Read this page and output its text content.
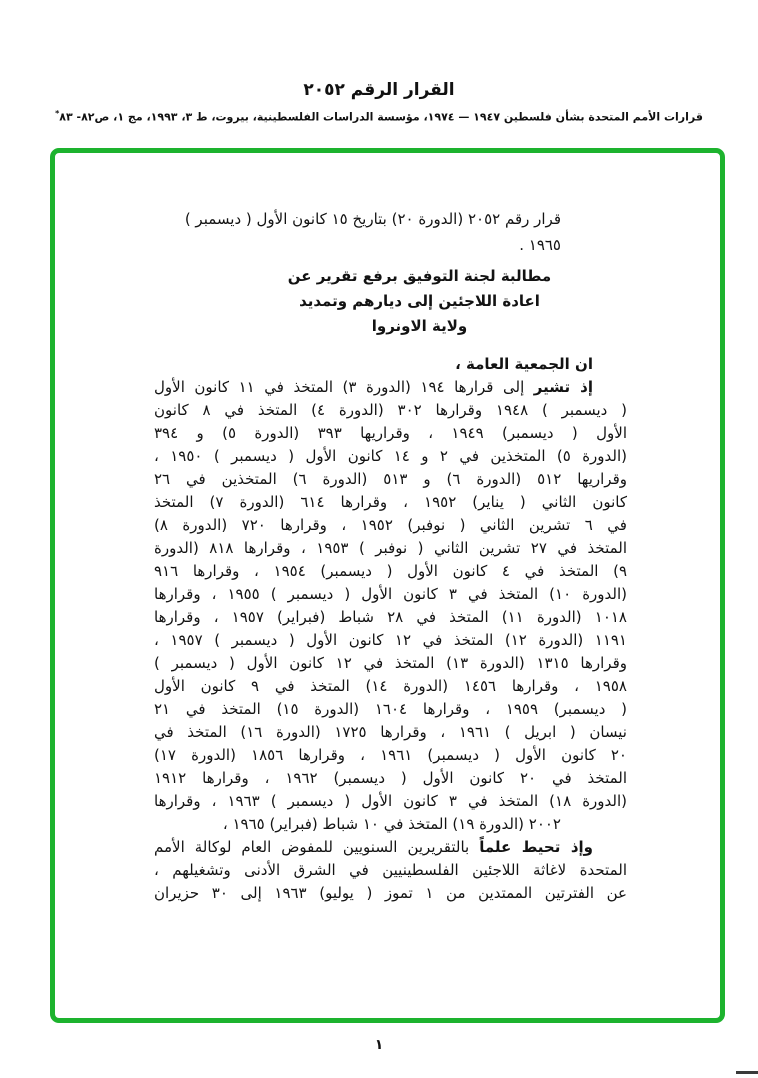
القرار الرقم ٢٠٥٢
قرارات الأمم المتحدة بشأن فلسطين ١٩٤٧ — ١٩٧٤، مؤسسة الدراسات الفلسطينية، بيروت، ط ٣، ١٩٩٣، مج ١، ص٨٢- ٨٣*
قرار رقم ٢٠٥٢ (الدورة ٢٠) بتاريخ ١٥ كانون الأول ( ديسمبر )
١٩٦٥ .
مطالبة لجنة التوفيق برفع تقرير عن
اعادة اللاجئين إلى ديارهم وتمديد
ولاية الاونروا
ان الجمعية العامة ،
إذ تشير إلى قرارها ١٩٤ (الدورة ٣) المتخذ في ١١ كانون الأول
( ديسمبر ) ١٩٤٨ وقرارها ٣٠٢ (الدورة ٤) المتخذ في ٨ كانون
الأول ( ديسمبر) ١٩٤٩ ، وقراريها ٣٩٣ (الدورة ٥) و ٣٩٤
(الدورة ٥) المتخذين في ٢ و ١٤ كانون الأول ( ديسمبر ) ١٩٥٠ ،
وقراريها ٥١٢ (الدورة ٦) و ٥١٣ (الدورة ٦) المتخذين في ٢٦
كانون الثاني ( يناير) ١٩٥٢ ، وقرارها ٦١٤ (الدورة ٧) المتخذ
في ٦ تشرين الثاني ( نوفبر) ١٩٥٢ ، وقرارها ٧٢٠ (الدورة ٨)
المتخذ في ٢٧ تشرين الثاني ( نوفبر ) ١٩٥٣ ، وقرارها ٨١٨ (الدورة
٩) المتخذ في ٤ كانون الأول ( ديسمبر) ١٩٥٤ ، وقرارها ٩١٦
(الدورة ١٠) المتخذ في ٣ كانون الأول ( ديسمبر ) ١٩٥٥ ، وقرارها
١٠١٨ (الدورة ١١) المتخذ في ٢٨ شباط (فبراير) ١٩٥٧ ، وقرارها
١١٩١ (الدورة ١٢) المتخذ في ١٢ كانون الأول ( ديسمبر ) ١٩٥٧ ،
وقرارها ١٣١٥ (الدورة ١٣) المتخذ في ١٢ كانون الأول ( ديسمبر )
١٩٥٨ ، وقرارها ١٤٥٦ (الدورة ١٤) المتخذ في ٩ كانون الأول
( ديسمبر) ١٩٥٩ ، وقرارها ١٦٠٤ (الدورة ١٥) المتخذ في ٢١
نيسان ( ابريل ) ١٩٦١ ، وقرارها ١٧٢٥ (الدورة ١٦) المتخذ في
٢٠ كانون الأول ( ديسمبر) ١٩٦١ ، وقرارها ١٨٥٦ (الدورة ١٧)
المتخذ في ٢٠ كانون الأول ( ديسمبر) ١٩٦٢ ، وقرارها ١٩١٢
(الدورة ١٨) المتخذ في ٣ كانون الأول ( ديسمبر ) ١٩٦٣ ، وقرارها
٢٠٠٢ (الدورة ١٩) المتخذ في ١٠ شباط (فبراير) ١٩٦٥ ،
وإذ تحيط علماً بالتقريرين السنويين للمفوض العام لوكالة الأمم
المتحدة لاغاثة اللاجئين الفلسطينيين في الشرق الأدنى وتشغيلهم ،
عن الفترتين الممتدين من ١ تموز ( يوليو) ١٩٦٣ إلى ٣٠ حزيران
١
